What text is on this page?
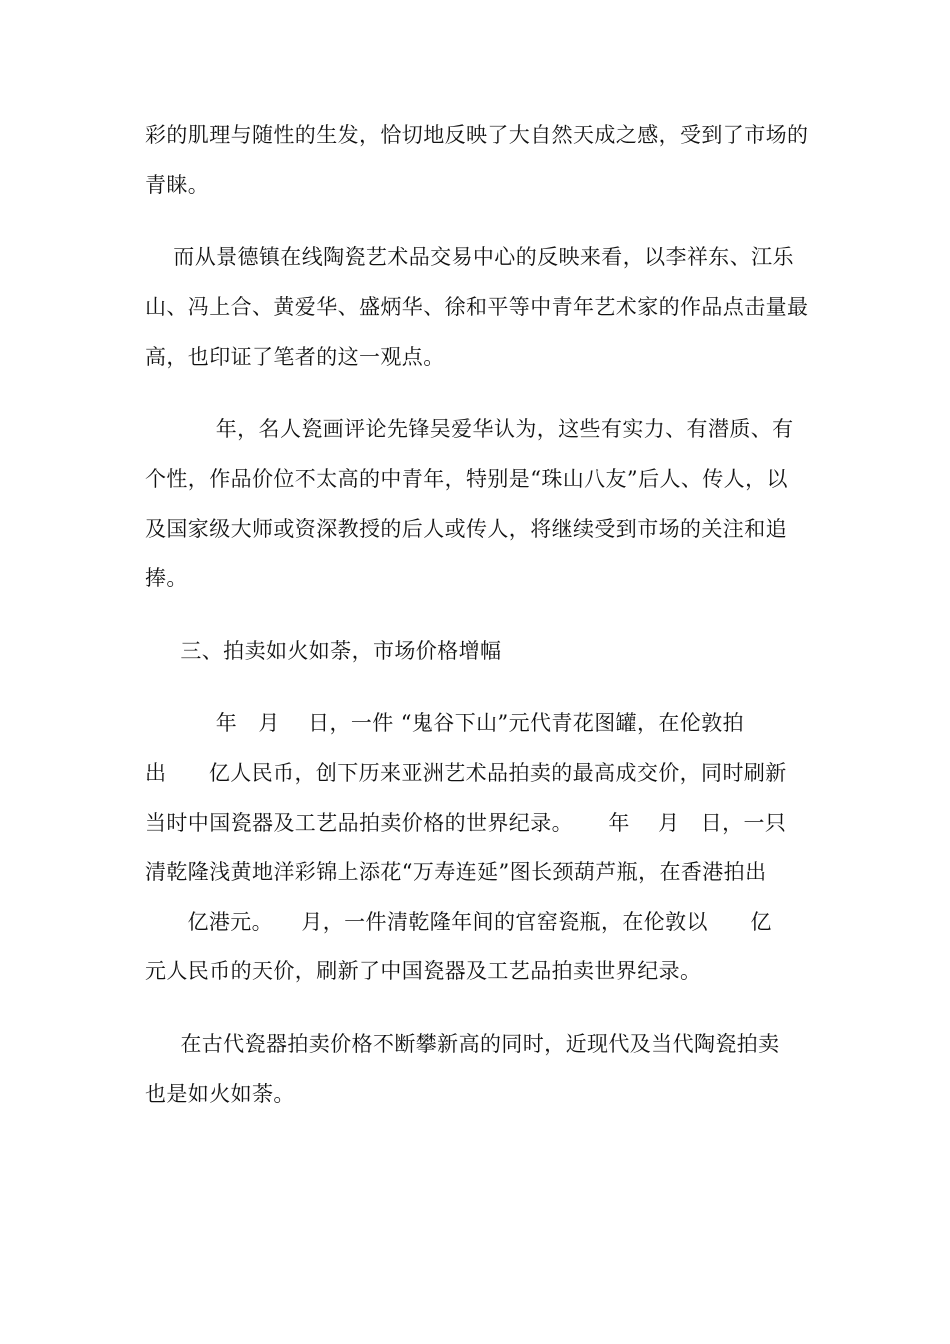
彩的肌理与随性的生发，恰切地反映了大自然天成之感，受到了市场的
青睐。
而从景德镇在线陶瓷艺术品交易中心的反映来看，以李祥东、江乐
山、冯上合、黄爱华、盛炳华、徐和平等中青年艺术家的作品点击量最
高，也印证了笔者的这一观点。
年，名人瓷画评论先锋吴爱华认为，这些有实力、有潜质、有
个性，作品价位不太高的中青年，特别是“珠山八友”后人、传人，以
及国家级大师或资深教授的后人或传人，将继续受到市场的关注和追
捧。
三、拍卖如火如荼，市场价格增幅
年   月    日，一件 “鬼谷下山”元代青花图罐，在伦敦拍
出      亿人民币，创下历来亚洲艺术品拍卖的最高成交价，同时刷新
当时中国瓷器及工艺品拍卖价格的世界纪录。     年    月   日，一只
清乾隆浅黄地洋彩锦上添花“万寿连延”图长颈葫芦瓶，在香港拍出
亿港元。    月，一件清乾隆年间的官窑瓷瓶，在伦敦以      亿
元人民币的天价，刷新了中国瓷器及工艺品拍卖世界纪录。
在古代瓷器拍卖价格不断攀新高的同时，近现代及当代陶瓷拍卖
也是如火如荼。
